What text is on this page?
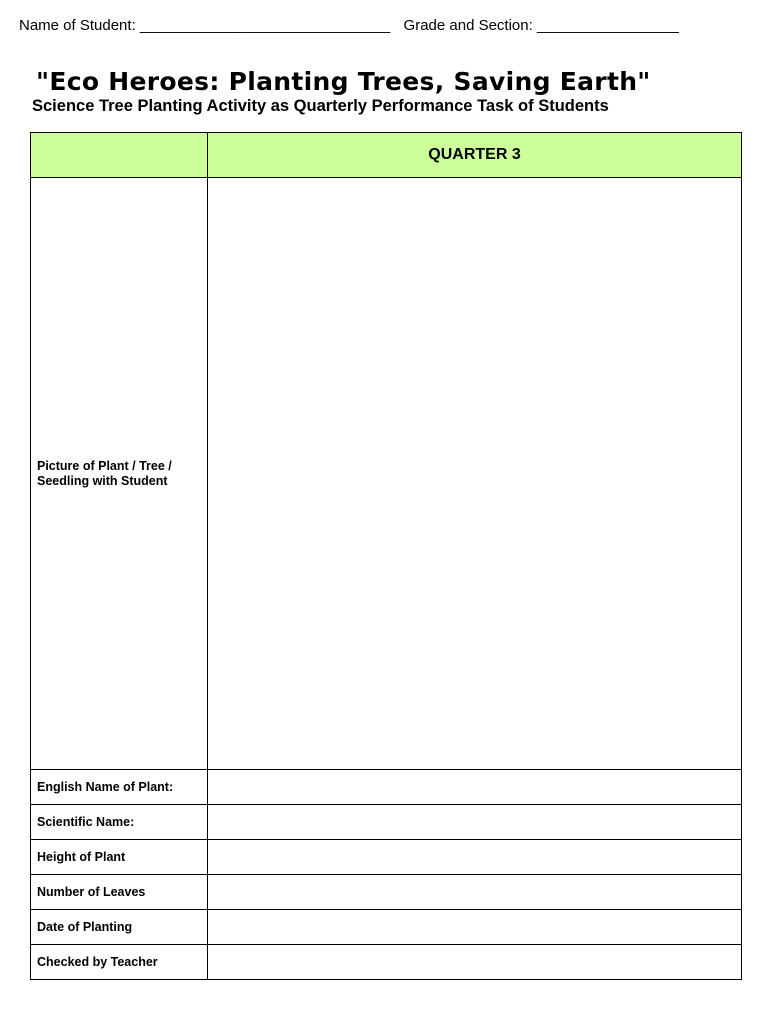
Name of Student: ______________________________ Grade and Section: _________________
"Eco Heroes: Planting Trees, Saving Earth"
Science Tree Planting Activity as Quarterly Performance Task of Students
	QUARTER 3

Picture of Plant / Tree / Seedling with Student	

English Name of Plant:	
Scientific Name:	
Height of Plant	
Number of Leaves	
Date of Planting	
Checked by Teacher	
